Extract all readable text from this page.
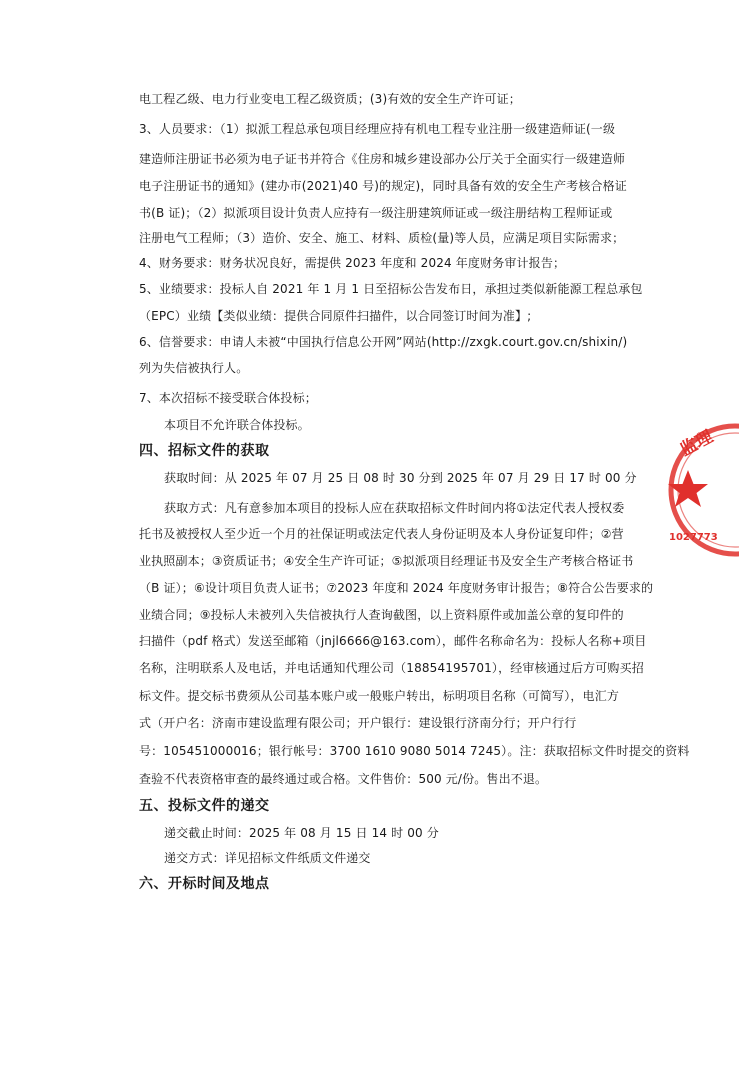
电工程乙级、电力行业变电工程乙级资质；(3)有效的安全生产许可证；
3、人员要求：（1）拟派工程总承包项目经理应持有机电工程专业注册一级建造师证(一级
建造师注册证书必须为电子证书并符合《住房和城乡建设部办公厅关于全面实行一级建造师
电子注册证书的通知》(建办市(2021)40 号)的规定)，同时具备有效的安全生产考核合格证
书(B 证)；（2）拟派项目设计负责人应持有一级注册建筑师证或一级注册结构工程师证或
注册电气工程师；（3）造价、安全、施工、材料、质检(量)等人员，应满足项目实际需求；
4、财务要求：财务状况良好，需提供 2023 年度和 2024 年度财务审计报告；
5、业绩要求：投标人自 2021 年 1 月 1 日至招标公告发布日，承担过类似新能源工程总承包
（EPC）业绩【类似业绩：提供合同原件扫描件，以合同签订时间为准】;
6、信誉要求：申请人未被“中国执行信息公开网”网站(http://zxgk.court.gov.cn/shixin/)
列为失信被执行人。
7、本次招标不接受联合体投标；
本项目不允许联合体投标。
四、招标文件的获取
获取时间：从 2025 年 07 月 25 日 08 时 30 分到 2025 年 07 月 29 日 17 时 00 分
获取方式：凡有意参加本项目的投标人应在获取招标文件时间内将①法定代表人授权委
托书及被授权人至少近一个月的社保证明或法定代表人身份证明及本人身份证复印件；②营
业执照副本；③资质证书；④安全生产许可证；⑤拟派项目经理证书及安全生产考核合格证书
（B 证）；⑥设计项目负责人证书；⑦2023 年度和 2024 年度财务审计报告；⑧符合公告要求的
业绩合同；⑨投标人未被列入失信被执行人查询截图，以上资料原件或加盖公章的复印件的
扫描件（pdf 格式）发送至邮箱（jnjl6666@163.com），邮件名称命名为：投标人名称+项目
名称，注明联系人及电话，并电话通知代理公司（18854195701），经审核通过后方可购买招
标文件。提交标书费须从公司基本账户或一般账户转出，标明项目名称（可简写），电汇方
式（开户名：济南市建设监理有限公司；开户银行：建设银行济南分行；开户行行
号：105451000016；银行帐号：3700 1610 9080 5014 7245）。注：获取招标文件时提交的资料
查验不代表资格审查的最终通过或合格。文件售价：500 元/份。售出不退。
五、投标文件的递交
递交截止时间：2025 年 08 月 15 日 14 时 00 分
递交方式：详见招标文件纸质文件递交
六、开标时间及地点
监理
1027773
